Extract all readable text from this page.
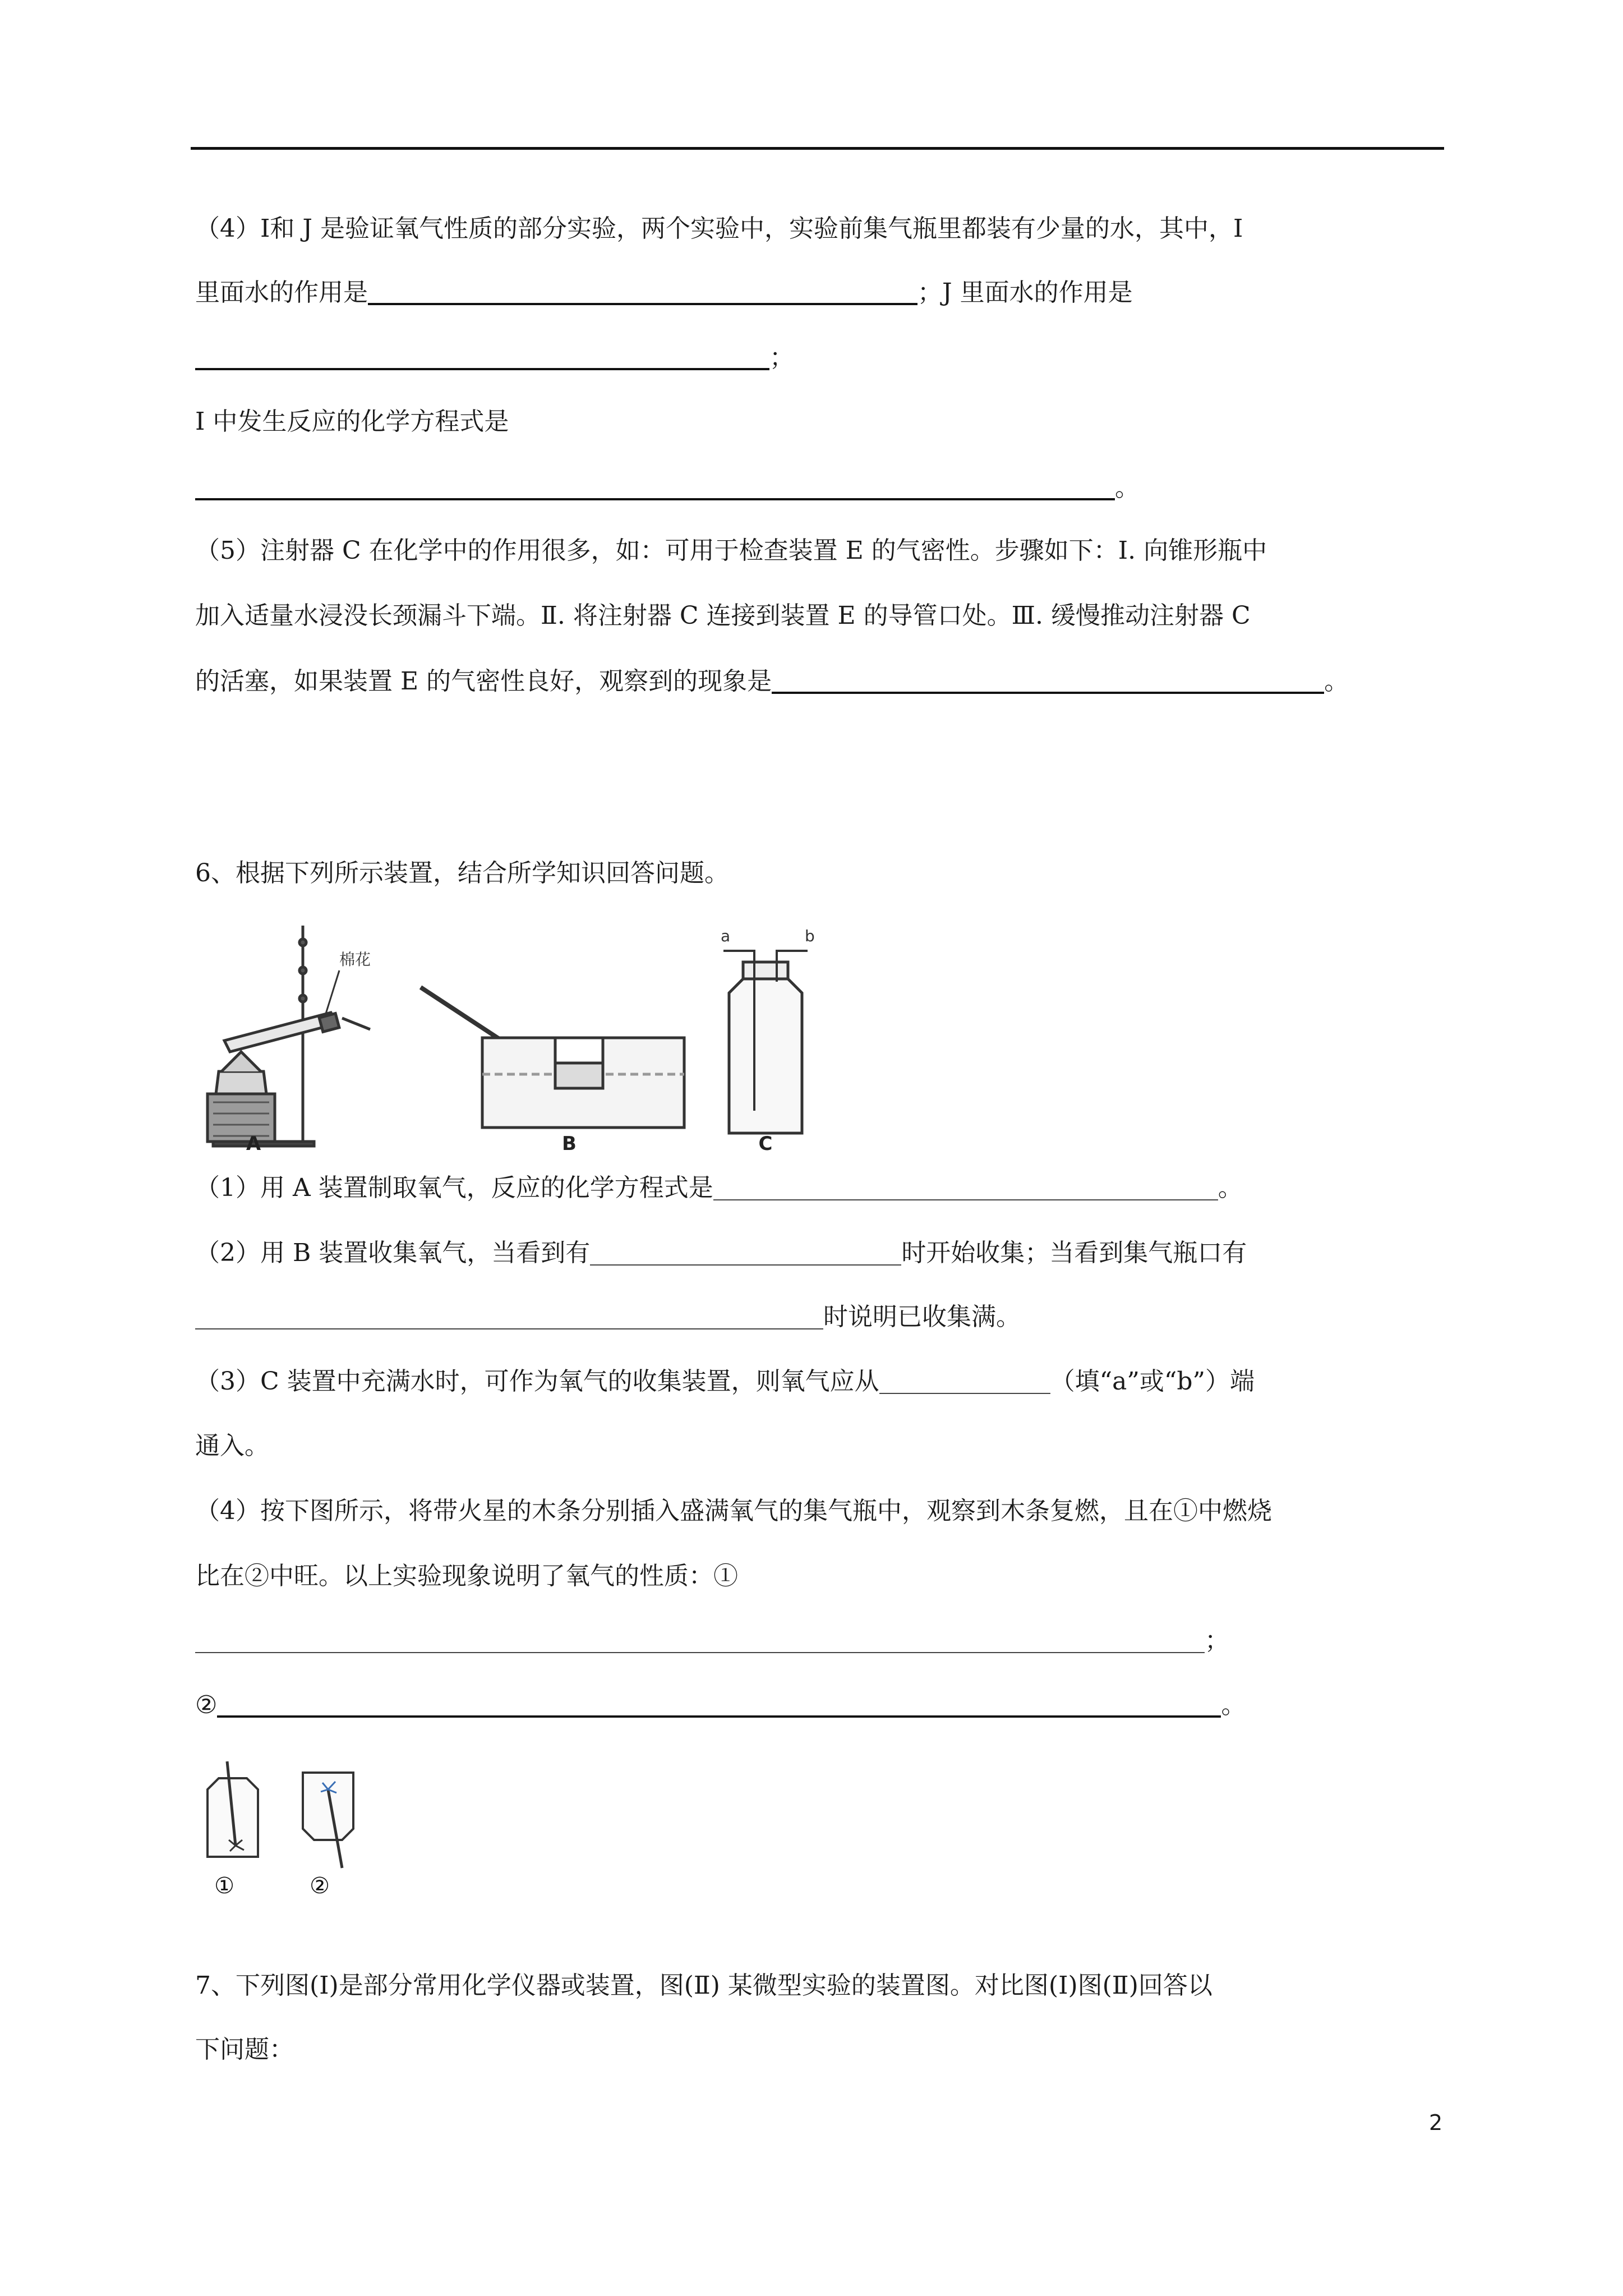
（4）I和 J 是验证氧气性质的部分实验，两个实验中，实验前集气瓶里都装有少量的水，其中，I
里面水的作用是	；J 里面水的作用是
；
I 中发生反应的化学方程式是
。
（5）注射器 C 在化学中的作用很多，如：可用于检查装置 E 的气密性。步骤如下：Ⅰ. 向锥形瓶中
加入适量水浸没长颈漏斗下端。Ⅱ. 将注射器 C 连接到装置 E 的导管口处。Ⅲ. 缓慢推动注射器 C
的活塞，如果装置 E 的气密性良好，观察到的现象是	。
6、根据下列所示装置，结合所学知识回答问题。
棉花
A	B
a	b
C
（1）用 A 装置制取氧气，反应的化学方程式是	。
（2）用 B 装置收集氧气，当看到有	时开始收集；当看到集气瓶口有
时说明已收集满。
（3）C 装置中充满水时，可作为氧气的收集装置，则氧气应从	（填“a”或“b”）端
通入。
（4）按下图所示，将带火星的木条分别插入盛满氧气的集气瓶中，观察到木条复燃，且在①中燃烧
比在②中旺。以上实验现象说明了氧气的性质：①
；
②	。
①	②
7、下列图(Ⅰ)是部分常用化学仪器或装置，图(Ⅱ) 某微型实验的装置图。对比图(Ⅰ)图(Ⅱ)回答以
下问题：
2
